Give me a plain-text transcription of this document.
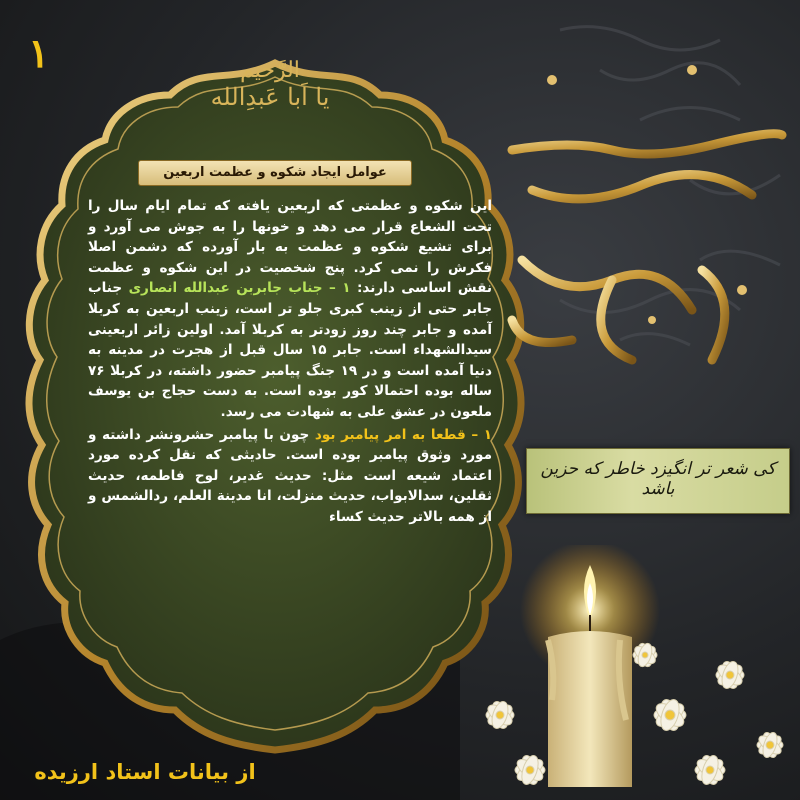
۱	الرَّحیم
یا اَبا عَبدِالله
عوامل ایجاد شکوه و عظمت اربعین

این شکوه و عظمتی که اربعین یافته که تمام ایام سال را تحت الشعاع قرار می دهد و خونها را به جوش می آورد و برای تشیع شکوه و عظمت به بار آورده که دشمن اصلا فکرش را نمی کرد. پنج شخصیت در این شکوه و عظمت نقش اساسی دارند: ۱ – جناب جابربن عبدالله انصاری جناب جابر حتی از زینب کبری جلو تر است، زینب اربعین به کربلا آمده و جابر چند روز زودتر به کربلا آمد. اولین زائر اربعینی سیدالشهداء است. جابر ۱۵ سال قبل از هجرت در مدینه به دنیا آمده است و در ۱۹ جنگ پیامبر حضور داشته، در کربلا ۷۶ ساله بوده احتمالا کور بوده است. به دست حجاج بن یوسف ملعون در عشق علی به شهادت می رسد.

۱ – قطعا به امر پیامبر بود چون با پیامبر حشرونشر داشته و مورد وثوق پیامبر بوده است. حادیثی که نقل کرده مورد اعتماد شیعه است مثل: حدیث غدیر، لوح فاطمه، حدیث ثقلین، سدالابواب، حدیث منزلت، انا مدینة العلم، ردالشمس و از همه بالاتر حدیث کساء

کی شعر تر انگیزد خاطر که حزین باشد
از بیانات استاد ارزیده
